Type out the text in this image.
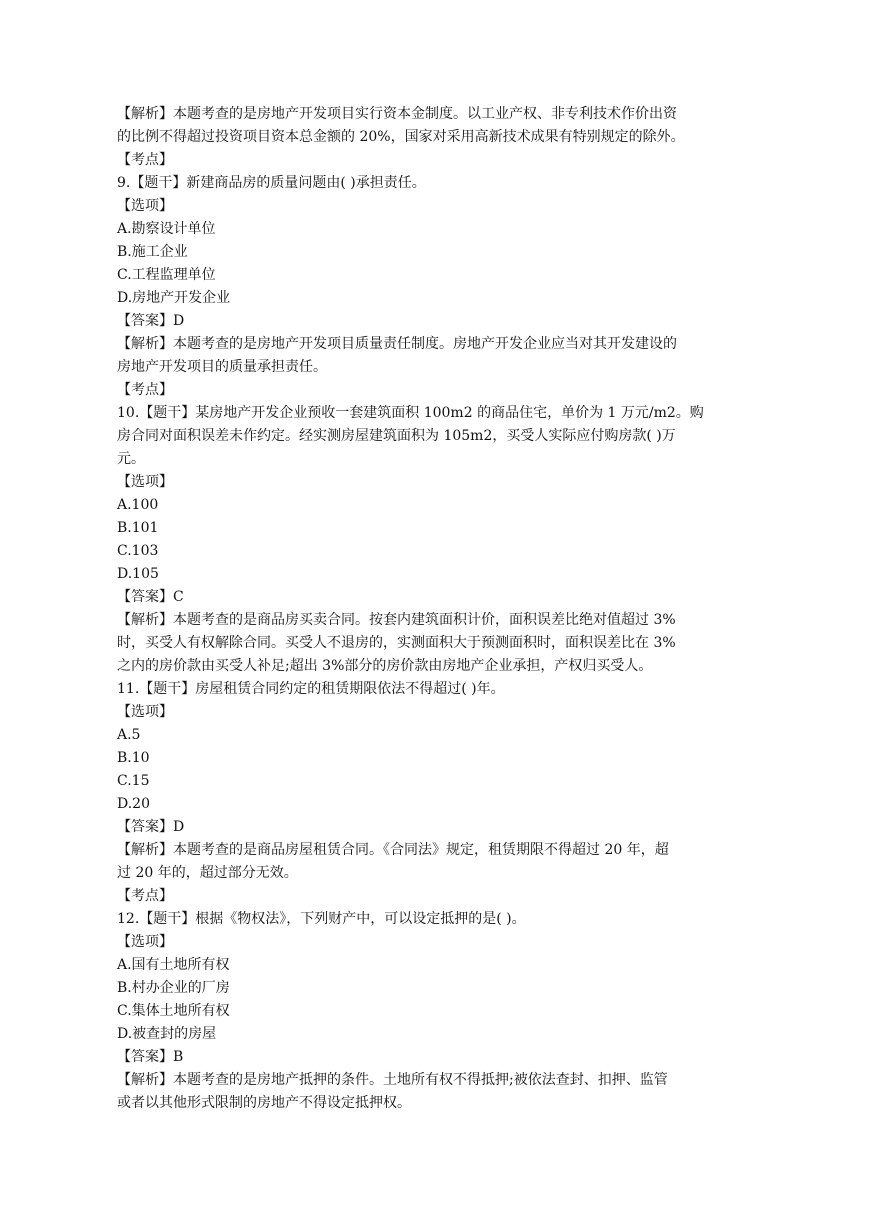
【解析】本题考查的是房地产开发项目实行资本金制度。以工业产权、非专利技术作价出资
的比例不得超过投资项目资本总金额的 20%，国家对采用高新技术成果有特别规定的除外。
【考点】
9.【题干】新建商品房的质量问题由( )承担责任。
【选项】
A.勘察设计单位
B.施工企业
C.工程监理单位
D.房地产开发企业
【答案】D
【解析】本题考查的是房地产开发项目质量责任制度。房地产开发企业应当对其开发建设的
房地产开发项目的质量承担责任。
【考点】
10.【题干】某房地产开发企业预收一套建筑面积 100m2 的商品住宅，单价为 1 万元/m2。购
房合同对面积误差未作约定。经实测房屋建筑面积为 105m2，买受人实际应付购房款( )万
元。
【选项】
A.100
B.101
C.103
D.105
【答案】C
【解析】本题考查的是商品房买卖合同。按套内建筑面积计价，面积误差比绝对值超过 3%
时，买受人有权解除合同。买受人不退房的，实测面积大于预测面积时，面积误差比在 3%
之内的房价款由买受人补足;超出 3%部分的房价款由房地产企业承担，产权归买受人。
11.【题干】房屋租赁合同约定的租赁期限依法不得超过( )年。
【选项】
A.5
B.10
C.15
D.20
【答案】D
【解析】本题考查的是商品房屋租赁合同。《合同法》规定，租赁期限不得超过 20 年，超
过 20 年的，超过部分无效。
【考点】
12.【题干】根据《物权法》，下列财产中，可以设定抵押的是( )。
【选项】
A.国有土地所有权
B.村办企业的厂房
C.集体土地所有权
D.被查封的房屋
【答案】B
【解析】本题考查的是房地产抵押的条件。土地所有权不得抵押;被依法查封、扣押、监管
或者以其他形式限制的房地产不得设定抵押权。
